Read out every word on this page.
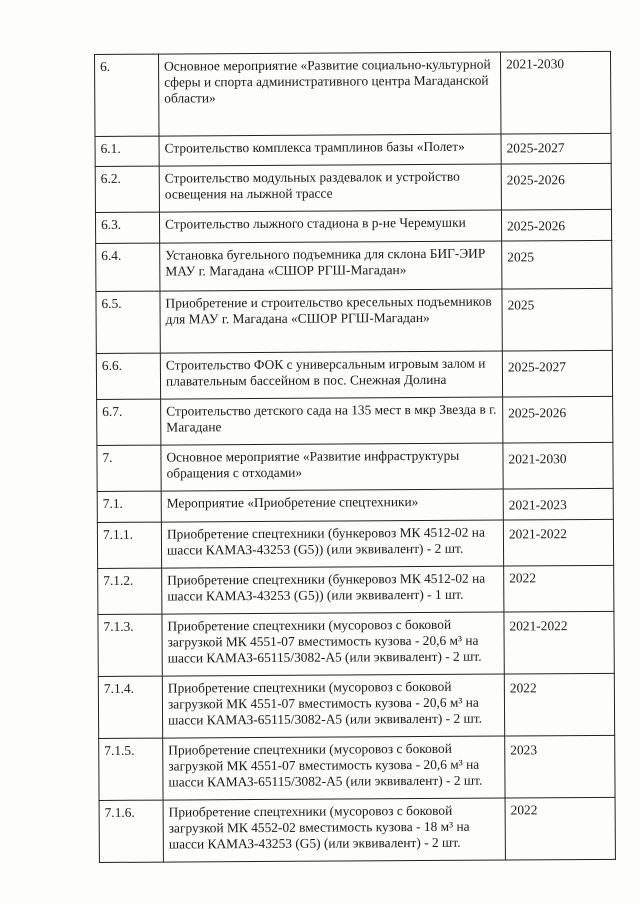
6.	Основное мероприятие «Развитие социально-культурной сферы и спорта административного центра Магаданской области»	2021-2030
6.1.	Строительство комплекса трамплинов базы «Полет»	2025-2027
6.2.	Строительство модульных раздевалок и устройство освещения на лыжной трассе	2025-2026
6.3.	Строительство лыжного стадиона в р-не Черемушки	2025-2026
6.4.	Установка бугельного подъемника для склона БИГ-ЭИР МАУ г. Магадана «СШОР РГШ-Магадан»	2025
6.5.	Приобретение и строительство кресельных подъемников для МАУ г. Магадана «СШОР РГШ-Магадан»	2025
6.6.	Строительство ФОК с универсальным игровым залом и плавательным бассейном в пос. Снежная Долина	2025-2027
6.7.	Строительство детского сада на 135 мест в мкр Звезда в г. Магадане	2025-2026
7.	Основное мероприятие «Развитие инфраструктуры обращения с отходами»	2021-2030
7.1.	Мероприятие «Приобретение спецтехники»	2021-2023
7.1.1.	Приобретение спецтехники (бункеровоз МК 4512-02 на шасси КАМАЗ-43253 (G5)) (или эквивалент) - 2 шт.	2021-2022
7.1.2.	Приобретение спецтехники (бункеровоз МК 4512-02 на шасси КАМАЗ-43253 (G5)) (или эквивалент) - 1 шт.	2022
7.1.3.	Приобретение спецтехники (мусоровоз с боковой загрузкой МК 4551-07 вместимость кузова - 20,6 м³ на шасси КАМАЗ-65115/3082-А5 (или эквивалент) - 2 шт.	2021-2022
7.1.4.	Приобретение спецтехники (мусоровоз с боковой загрузкой МК 4551-07 вместимость кузова - 20,6 м³ на шасси КАМАЗ-65115/3082-А5 (или эквивалент) - 2 шт.	2022
7.1.5.	Приобретение спецтехники (мусоровоз с боковой загрузкой МК 4551-07 вместимость кузова - 20,6 м³ на шасси КАМАЗ-65115/3082-А5 (или эквивалент) - 2 шт.	2023
7.1.6.	Приобретение спецтехники (мусоровоз с боковой загрузкой МК 4552-02 вместимость кузова - 18 м³ на шасси КАМАЗ-43253 (G5) (или эквивалент) - 2 шт.	2022
